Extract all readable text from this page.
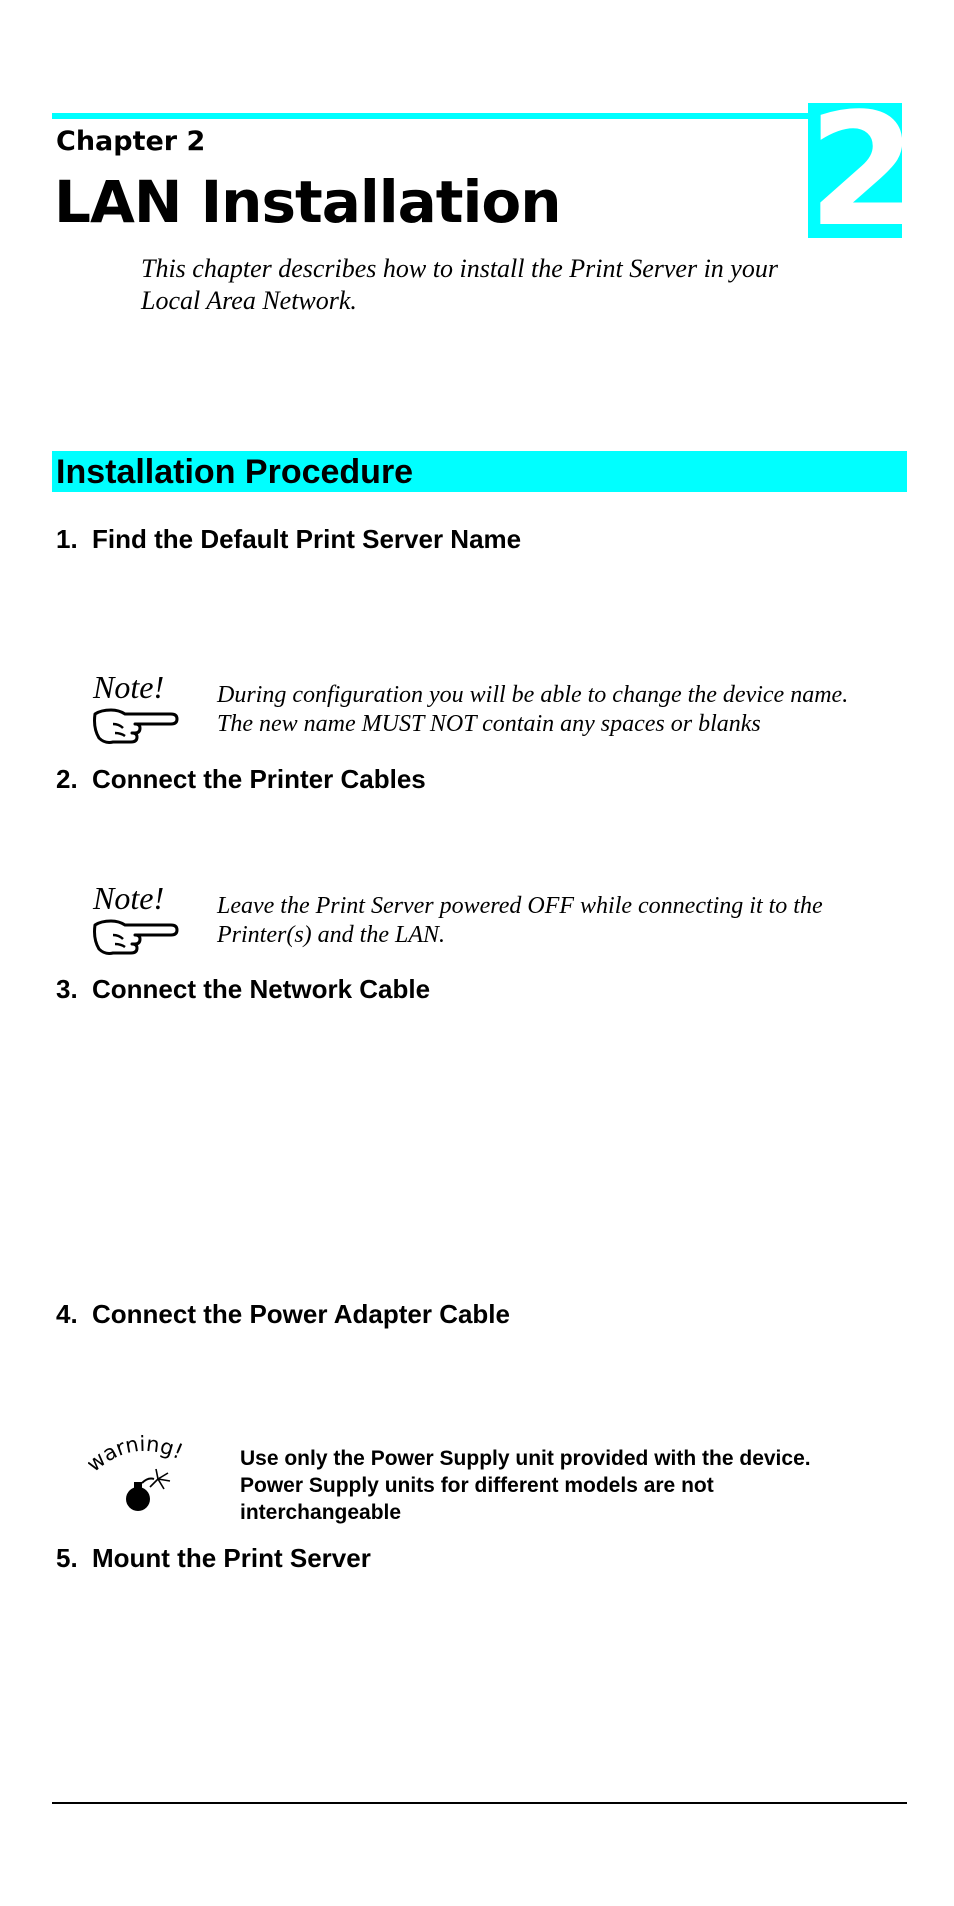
2
Chapter 2
LAN Installation
This chapter describes how to install the Print Server in your
Local Area Network.
Installation Procedure
1. Find the Default Print Server Name
Note! During configuration you will be able to change the device name.
The new name MUST NOT contain any spaces or blanks
2. Connect the Printer Cables
Note! Leave the Print Server powered OFF while connecting it to the
Printer(s) and the LAN.
3. Connect the Network Cable
4. Connect the Power Adapter Cable
arning!	Use only the Power Supply unit provided with the device.
Power Supply units for different models are not
interchangeable
5. Mount the Print Server
